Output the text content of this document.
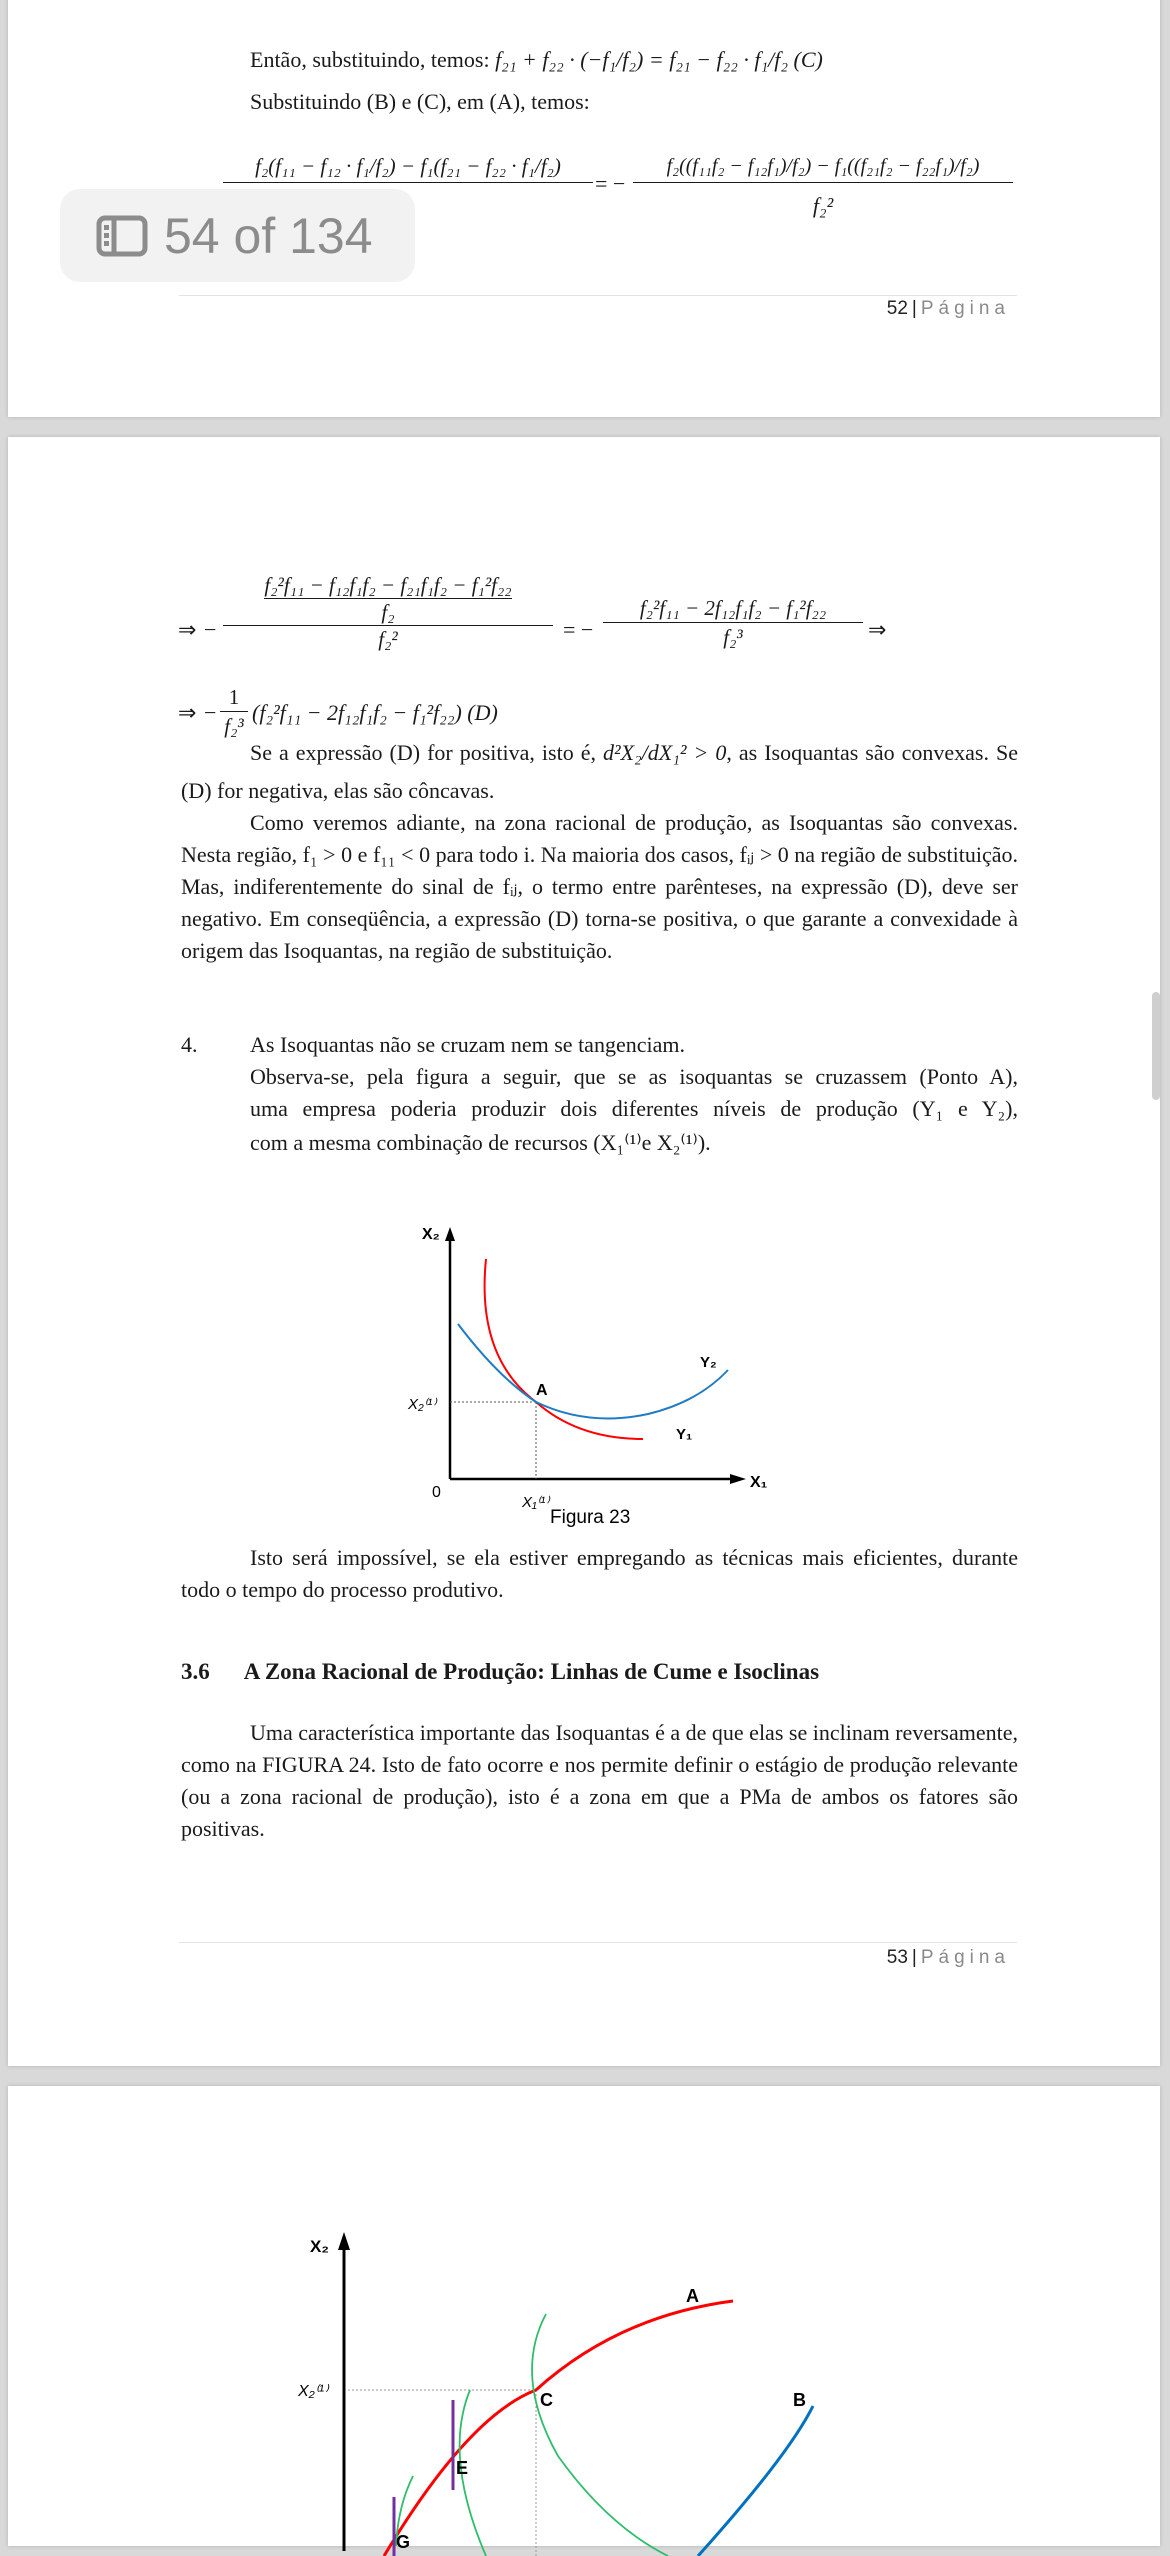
Então, substituindo, temos: f₂₁ + f₂₂ · (−f₁/f₂) = f₂₁ − f₂₂ · f₁/f₂ (C)
Substituindo (B) e (C), em (A), temos:
f₂(f₁₁ − f₁₂ · f₁/f₂) − f₁(f₂₁ − f₂₂ · f₁/f₂)
= −
f₂((f₁₁f₂ − f₁₂f₁)/f₂) − f₁((f₂₁f₂ − f₂₂f₁)/f₂)
f₂²
52 | Página
⇒ −
f₂²f₁₁ − f₁₂f₁f₂ − f₂₁f₁f₂ − f₁²f₂₂
f₂
f₂²	= − $\frac{\text{f₂²f₁₁ − 2f₁₂f₁f₂ − f₁²f₂₂}}{\text{f₂³}}$ ⇒
⇒ − $\frac{1}{\text{f₂³}} (f_2^2f_{11} - 2f_{12}f_1f_2 - f_1^2f_{22})$ (D)
Se a expressão (D) for positiva, isto é, d²X₂/dX₁² > 0, as Isoquantas são convexas. Se (D) for negativa, elas são côncavas.
Como veremos adiante, na zona racional de produção, as Isoquantas são convexas. Nesta região, f₁ > 0 e f₁₁ < 0 para todo i. Na maioria dos casos, fᵢⱼ > 0 na região de substituição. Mas, indiferentemente do sinal de fᵢⱼ, o termo entre parênteses, na expressão (D), deve ser negativo. Em conseqüência, a expressão (D) torna-se positiva, o que garante a convexidade à origem das Isoquantas, na região de substituição.
4. As Isoquantas não se cruzam nem se tangenciam.
Observa-se, pela figura a seguir, que se as isoquantas se cruzassem (Ponto A),
uma empresa poderia produzir dois diferentes níveis de produção (Y₁ e Y₂),
com a mesma combinação de recursos (X₁⁽¹⁾e X₂⁽¹⁾).
X₂
X₁
0
A
Y₂
Y₁
X₂⁽¹⁾
X₁⁽¹⁾
Figura 23
Isto será impossível, se ela estiver empregando as técnicas mais eficientes, durante todo o tempo do processo produtivo.
3.6 A Zona Racional de Produção: Linhas de Cume e Isoclinas
Uma característica importante das Isoquantas é a de que elas se inclinam reversamente, como na FIGURA 24. Isto de fato ocorre e nos permite definir o estágio de produção relevante (ou a zona racional de produção), isto é a zona em que a PMa de ambos os fatores são positivas.
53 | Página
X₂
X₂⁽¹⁾
A
B
C
E
G
54 of 134
